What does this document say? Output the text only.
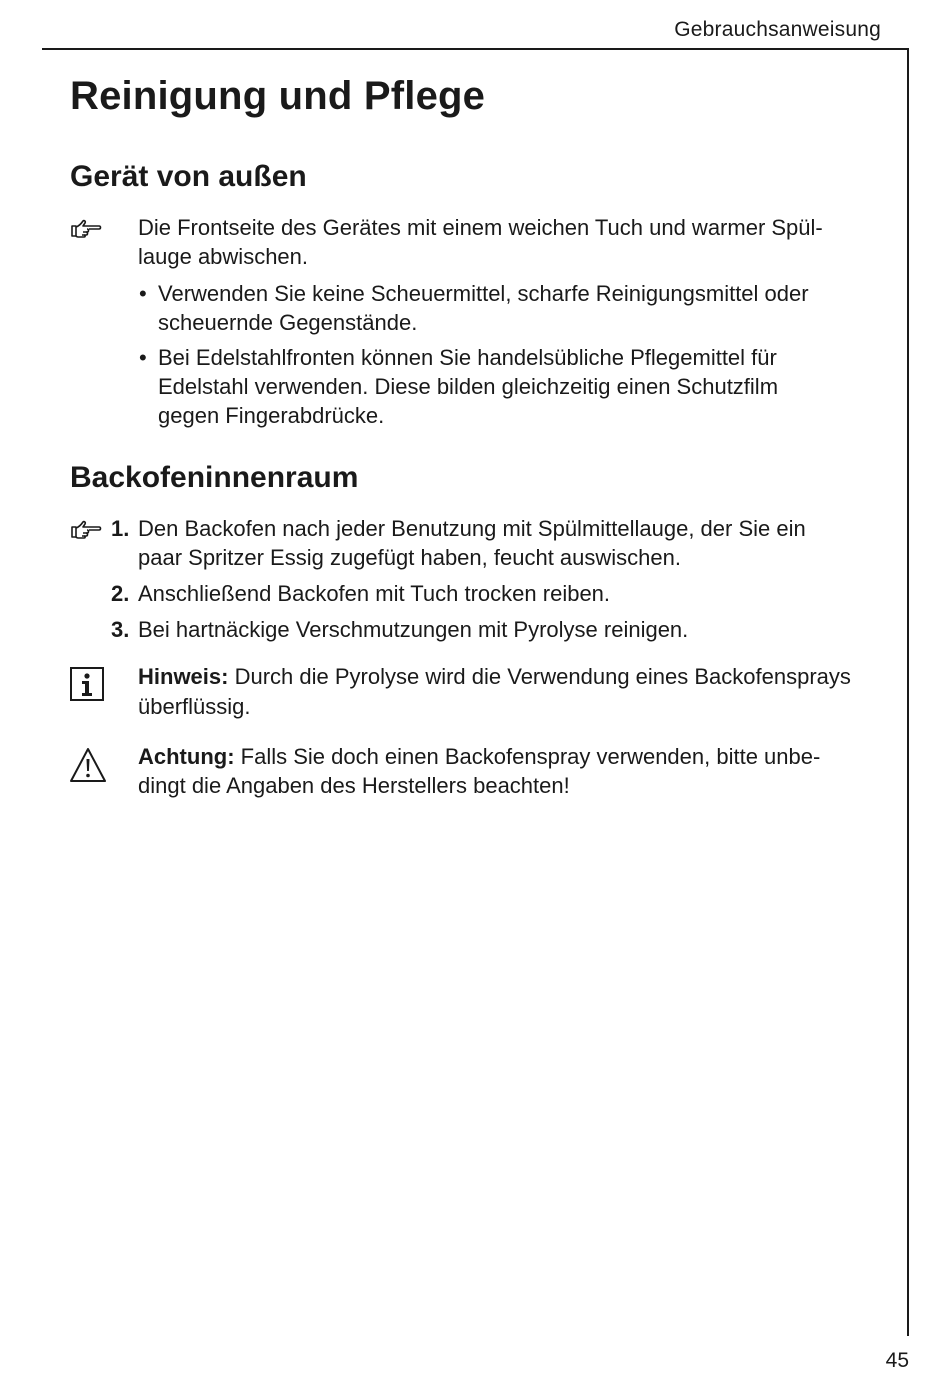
Gebrauchsanweisung
Reinigung und Pflege
Gerät von außen

Die Frontseite des Gerätes mit einem weichen Tuch und warmer Spül-

lauge abwischen.

• Verwenden Sie keine Scheuermittel, scharfe Reinigungsmittel oder

scheuernde Gegenstände.

• Bei Edelstahlfronten können Sie handelsübliche Pflegemittel für

Edelstahl verwenden. Diese bilden gleichzeitig einen Schutzfilm

gegen Fingerabdrücke.

Backofeninnenraum
1. Den Backofen nach jeder Benutzung mit Spülmittellauge, der Sie ein

paar Spritzer Essig zugefügt haben, feucht auswischen.

2. Anschließend Backofen mit Tuch trocken reiben.

3. Bei hartnäckige Verschmutzungen mit Pyrolyse reinigen.

Hinweis: Durch die Pyrolyse wird die Verwendung eines Backofensprays

überflüssig.

Achtung: Falls Sie doch einen Backofenspray verwenden, bitte unbe-

dingt die Angaben des Herstellers beachten!

45
